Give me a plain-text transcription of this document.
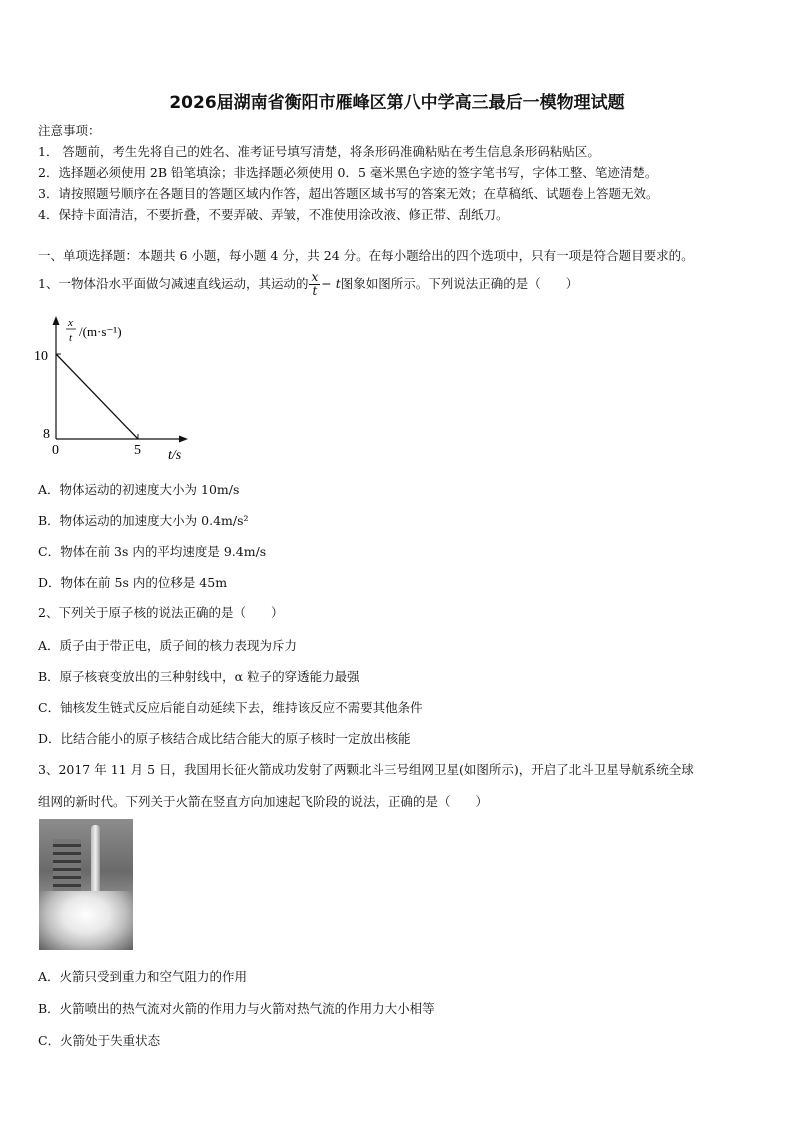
2026届湖南省衡阳市雁峰区第八中学高三最后一模物理试题
注意事项：
1． 答题前，考生先将自己的姓名、准考证号填写清楚，将条形码准确粘贴在考生信息条形码粘贴区。
2．选择题必须使用 2B 铅笔填涂；非选择题必须使用 0．5 毫米黑色字迹的签字笔书写，字体工整、笔迹清楚。
3．请按照题号顺序在各题目的答题区域内作答，超出答题区域书写的答案无效；在草稿纸、试题卷上答题无效。
4．保持卡面清洁，不要折叠，不要弄破、弄皱，不准使用涂改液、修正带、刮纸刀。
一、单项选择题：本题共 6 小题，每小题 4 分，共 24 分。在每小题给出的四个选项中，只有一项是符合题目要求的。
1、一物体沿水平面做匀减速直线运动，其运动的 $\frac{x}{t} - t$图象如图所示。下列说法正确的是（　　）
10
8
0	5
x
t /(m·s⁻¹)
t/s
A．物体运动的初速度大小为 10m/s
B．物体运动的加速度大小为 0.4m/s²
C．物体在前 3s 内的平均速度是 9.4m/s
D．物体在前 5s 内的位移是 45m
2、下列关于原子核的说法正确的是（　　）
A．质子由于带正电，质子间的核力表现为斥力
B．原子核衰变放出的三种射线中，α 粒子的穿透能力最强
C．铀核发生链式反应后能自动延续下去，维持该反应不需要其他条件
D．比结合能小的原子核结合成比结合能大的原子核时一定放出核能
3、2017 年 11 月 5 日，我国用长征火箭成功发射了两颗北斗三号组网卫星(如图所示)，开启了北斗卫星导航系统全球
组网的新时代。下列关于火箭在竖直方向加速起飞阶段的说法，正确的是（　　）
A．火箭只受到重力和空气阻力的作用
B．火箭喷出的热气流对火箭的作用力与火箭对热气流的作用力大小相等
C．火箭处于失重状态
